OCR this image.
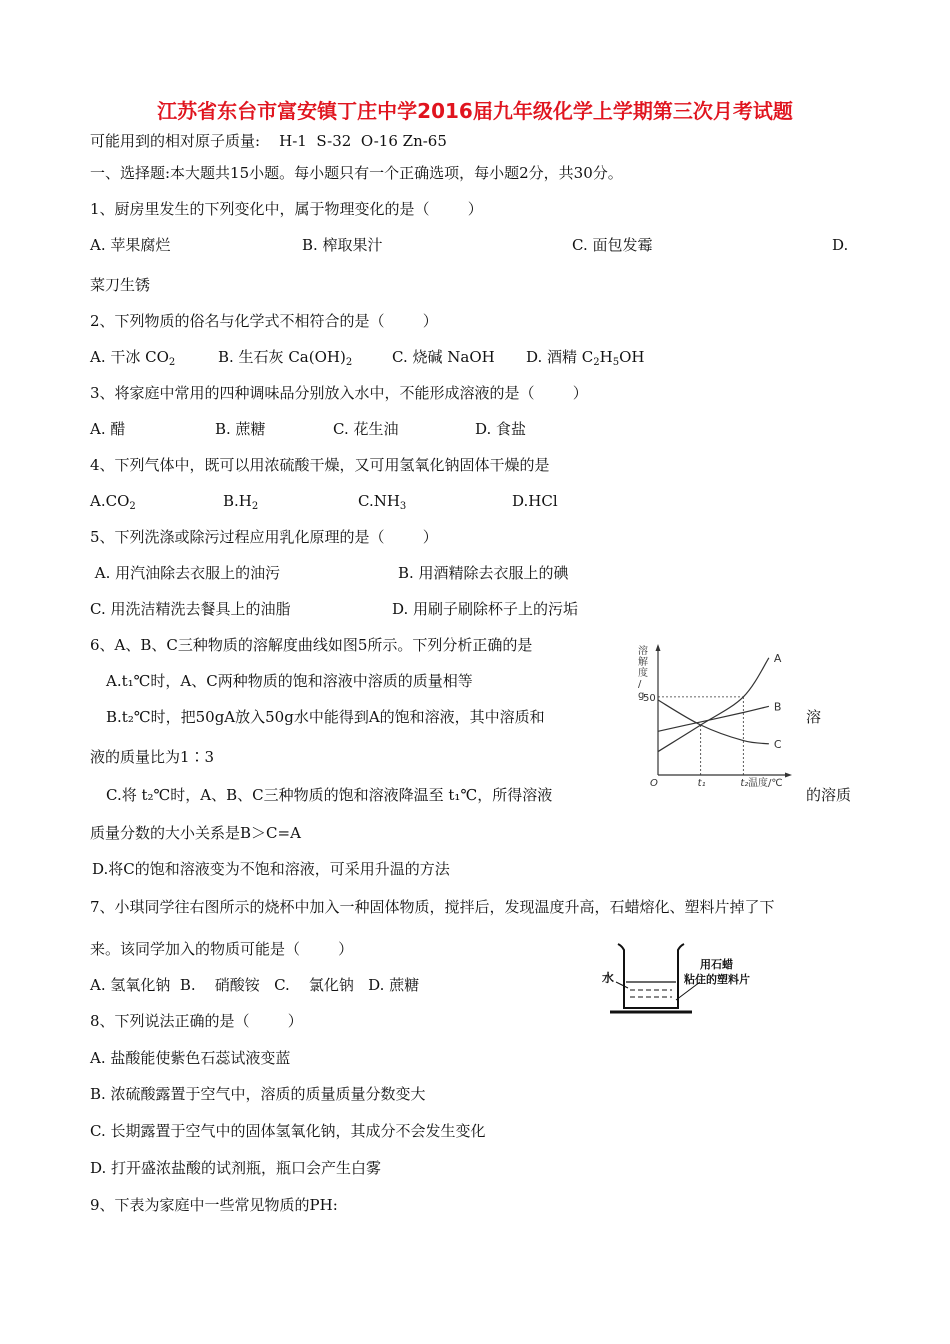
江苏省东台市富安镇丁庄中学2016届九年级化学上学期第三次月考试题
可能用到的相对原子质量:    H-1  S-32  O-16 Zn-65
一、选择题:本大题共15小题。每小题只有一个正确选项，每小题2分，共30分。
1、厨房里发生的下列变化中，属于物理变化的是（        ）
A. 苹果腐烂	B. 榨取果汁	C. 面包发霉	D.
菜刀生锈
2、下列物质的俗名与化学式不相符合的是（        ）
A. 干冰 $CO_2$	B. 生石灰 $Ca(OH)_2$	C. 烧碱 NaOH D. 酒精 $C_2H_5OH$
3、将家庭中常用的四种调味品分别放入水中，不能形成溶液的是（        ）
A. 醋	B. 蔗糖	C. 花生油	D. 食盐
4、下列气体中，既可以用浓硫酸干燥，又可用氢氧化钠固体干燥的是
$A.CO_2$	$B.H_2$	$C.NH_3$	D.HCl
5、下列洗涤或除污过程应用乳化原理的是（        ）
A. 用汽油除去衣服上的油污	B. 用酒精除去衣服上的碘
C. 用洗洁精洗去餐具上的油脂	D. 用刷子刷除杯子上的污垢
6、A、B、C三种物质的溶解度曲线如图5所示。下列分析正确的是
A.t₁℃时，A、C两种物质的饱和溶液中溶质的质量相等
B.t₂℃时，把50gA放入50g水中能得到A的饱和溶液，其中溶质和	溶
液的质量比为1∶3
C.将 t₂℃时，A、B、C三种物质的饱和溶液降温至 t₁℃，所得溶液	的溶质
质量分数的大小关系是B＞C=A
D.将C的饱和溶液变为不饱和溶液，可采用升温的方法
溶解度/ g
温度/℃
O	t₁	t₂
50
A
B
C
7、小琪同学往右图所示的烧杯中加入一种固体物质，搅拌后，发现温度升高，石蜡熔化、塑料片掉了下
来。该同学加入的物质可能是（        ）
A. 氢氧化钠  B.    硝酸铵   C.    氯化钠   D. 蔗糖	水
用石蜡
粘住的塑料片
8、下列说法正确的是（        ）
A. 盐酸能使紫色石蕊试液变蓝
B. 浓硫酸露置于空气中，溶质的质量质量分数变大
C. 长期露置于空气中的固体氢氧化钠，其成分不会发生变化
D. 打开盛浓盐酸的试剂瓶，瓶口会产生白雾
9、下表为家庭中一些常见物质的PH:
